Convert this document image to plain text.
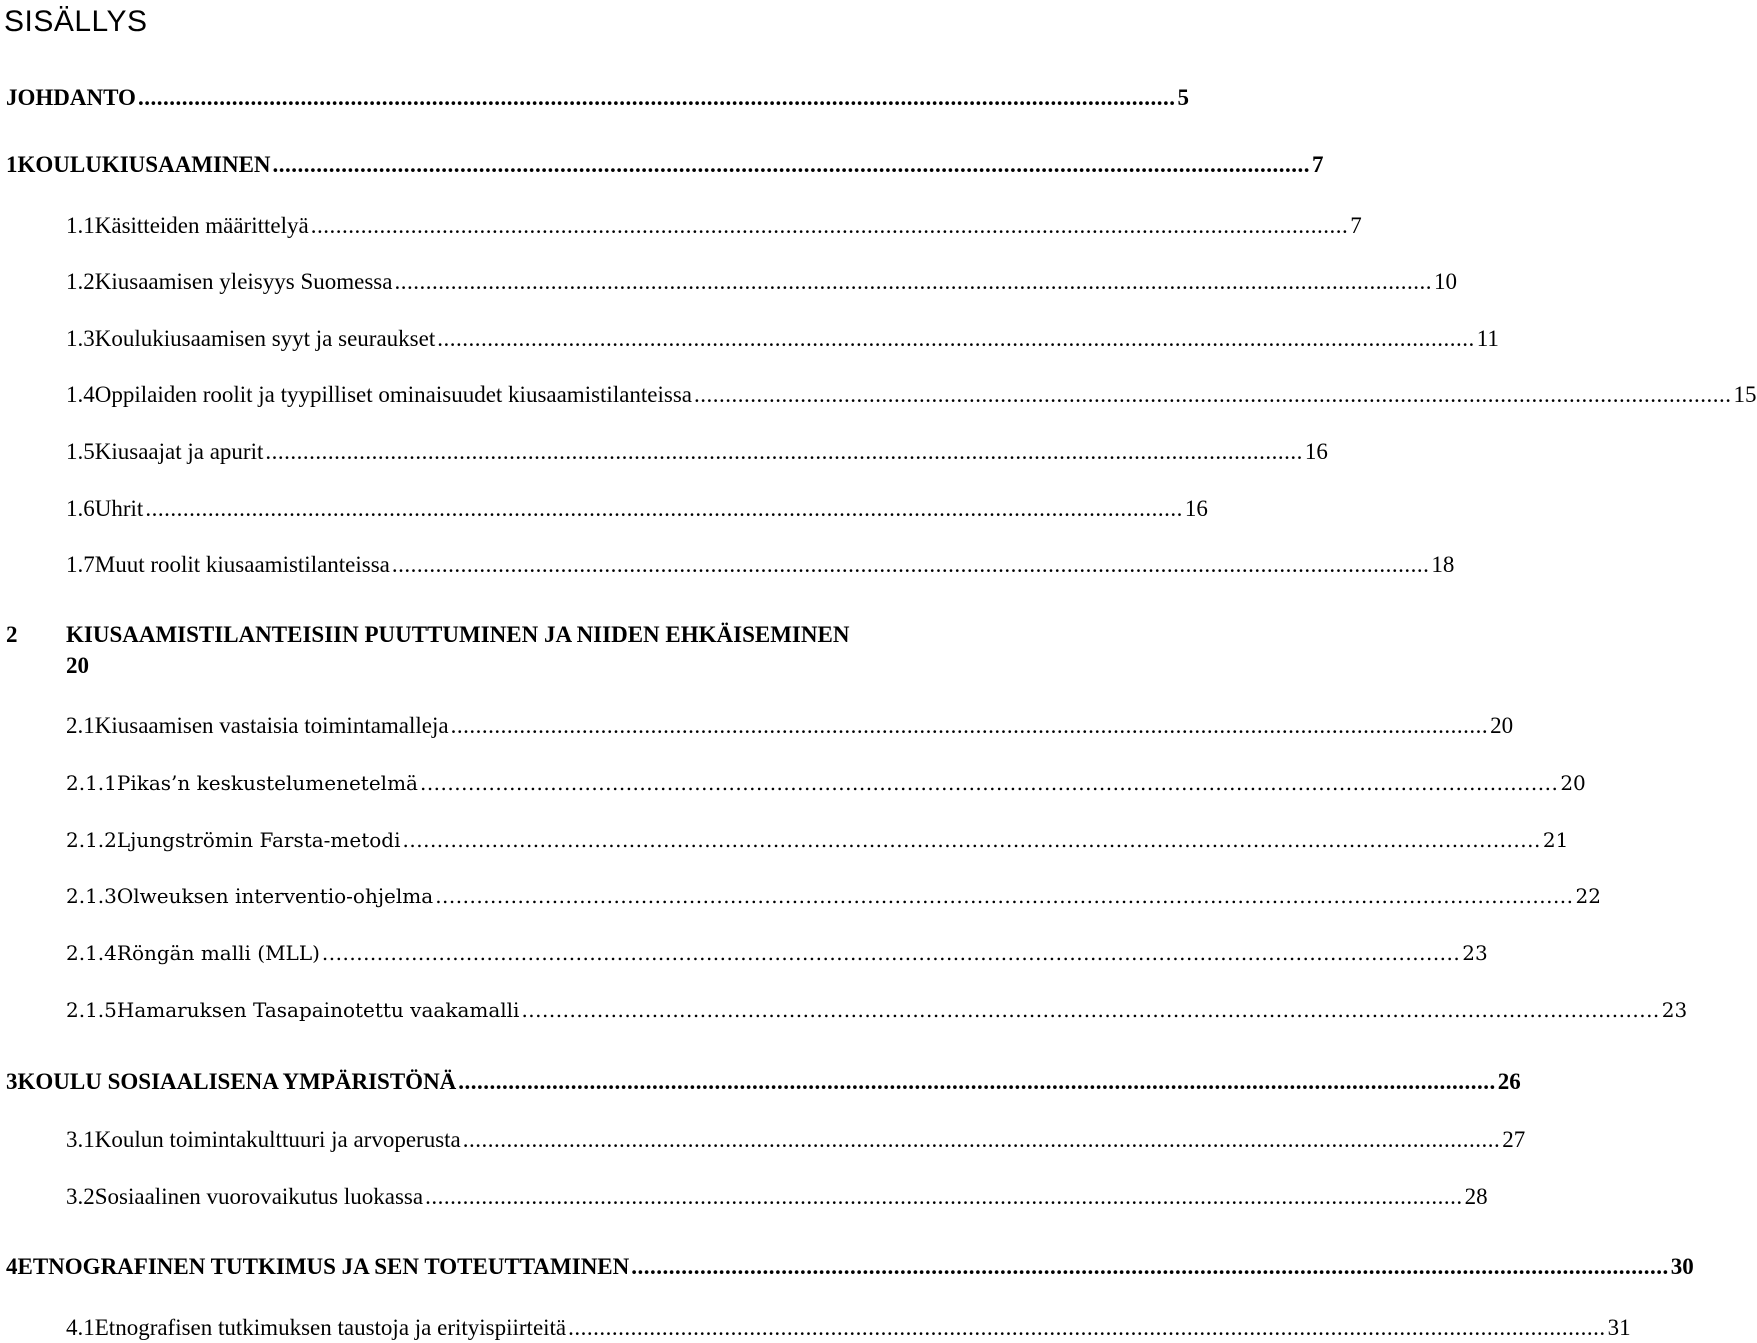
SISÄLLYS
JOHDANTO ...................................................................................................................................................................... 5
1 KOULUKIUSAAMINEN ...................................................................................................................................................................... 7
1.1 Käsitteiden määrittelyä ...................................................................................................................................................................... 7
1.2 Kiusaamisen yleisyys Suomessa ...................................................................................................................................................................... 10
1.3 Koulukiusaamisen syyt ja seuraukset ...................................................................................................................................................................... 11
1.4 Oppilaiden roolit ja tyypilliset ominaisuudet kiusaamistilanteissa ...................................................................................................................................................................... 15
1.5 Kiusaajat ja apurit ...................................................................................................................................................................... 16
1.6 Uhrit ...................................................................................................................................................................... 16
1.7 Muut roolit kiusaamistilanteissa ...................................................................................................................................................................... 18
2	KIUSAAMISTILANTEISIIN PUUTTUMINEN JA NIIDEN EHKÄISEMINEN
20
2.1 Kiusaamisen vastaisia toimintamalleja ...................................................................................................................................................................... 20
2.1.1 Pikas’n keskustelumenetelmä ...................................................................................................................................................................... 20
2.1.2 Ljungströmin Farsta-metodi ...................................................................................................................................................................... 21
2.1.3 Olweuksen interventio-ohjelma ...................................................................................................................................................................... 22
2.1.4 Röngän malli (MLL) ...................................................................................................................................................................... 23
2.1.5 Hamaruksen Tasapainotettu vaakamalli ...................................................................................................................................................................... 23
3 KOULU SOSIAALISENA YMPÄRISTÖNÄ ...................................................................................................................................................................... 26
3.1 Koulun toimintakulttuuri ja arvoperusta ...................................................................................................................................................................... 27
3.2 Sosiaalinen vuorovaikutus luokassa ...................................................................................................................................................................... 28
4 ETNOGRAFINEN TUTKIMUS JA SEN TOTEUTTAMINEN ...................................................................................................................................................................... 30
4.1 Etnografisen tutkimuksen taustoja ja erityispiirteitä ...................................................................................................................................................................... 31
